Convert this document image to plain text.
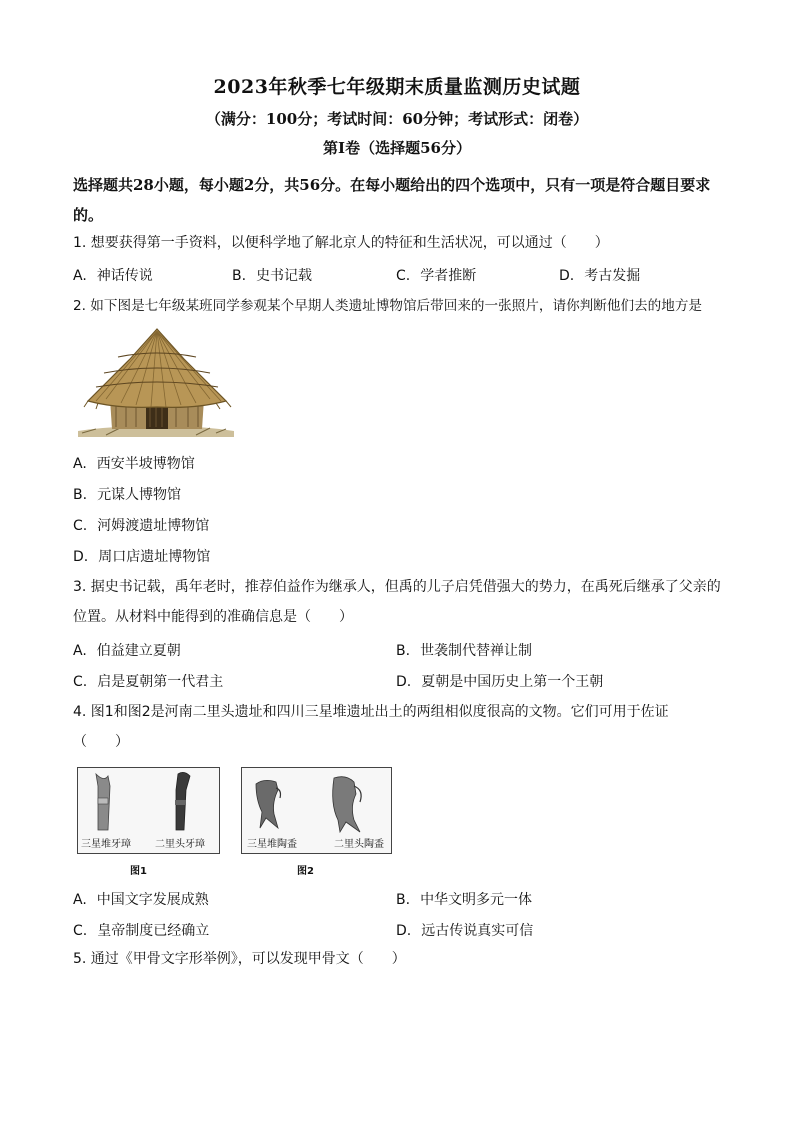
2023年秋季七年级期末质量监测历史试题
（满分：100分；考试时间：60分钟；考试形式：闭卷）
第Ⅰ卷（选择题56分）
选择题共28小题，每小题2分，共56分。在每小题给出的四个选项中，只有一项是符合题目要求的。
1. 想要获得第一手资料，以便科学地了解北京人的特征和生活状况，可以通过（　　）
A. 神话传说	B. 史书记载	C. 学者推断	D. 考古发掘
2. 如下图是七年级某班同学参观某个早期人类遗址博物馆后带回来的一张照片，请你判断他们去的地方是
A. 西安半坡博物馆
B. 元谋人博物馆
C. 河姆渡遗址博物馆
D. 周口店遗址博物馆
3. 据史书记载，禹年老时，推荐伯益作为继承人，但禹的儿子启凭借强大的势力，在禹死后继承了父亲的位置。从材料中能得到的准确信息是（　　）
A. 伯益建立夏朝	B. 世袭制代替禅让制
C. 启是夏朝第一代君主	D. 夏朝是中国历史上第一个王朝
4. 图1和图2是河南二里头遗址和四川三星堆遗址出土的两组相似度很高的文物。它们可用于佐证（　　）
三星堆牙璋 二里头牙璋
图1
三星堆陶盉	二里头陶盉
图2
A. 中国文字发展成熟	B. 中华文明多元一体
C. 皇帝制度已经确立	D. 远古传说真实可信
5. 通过《甲骨文字形举例》，可以发现甲骨文（　　）
